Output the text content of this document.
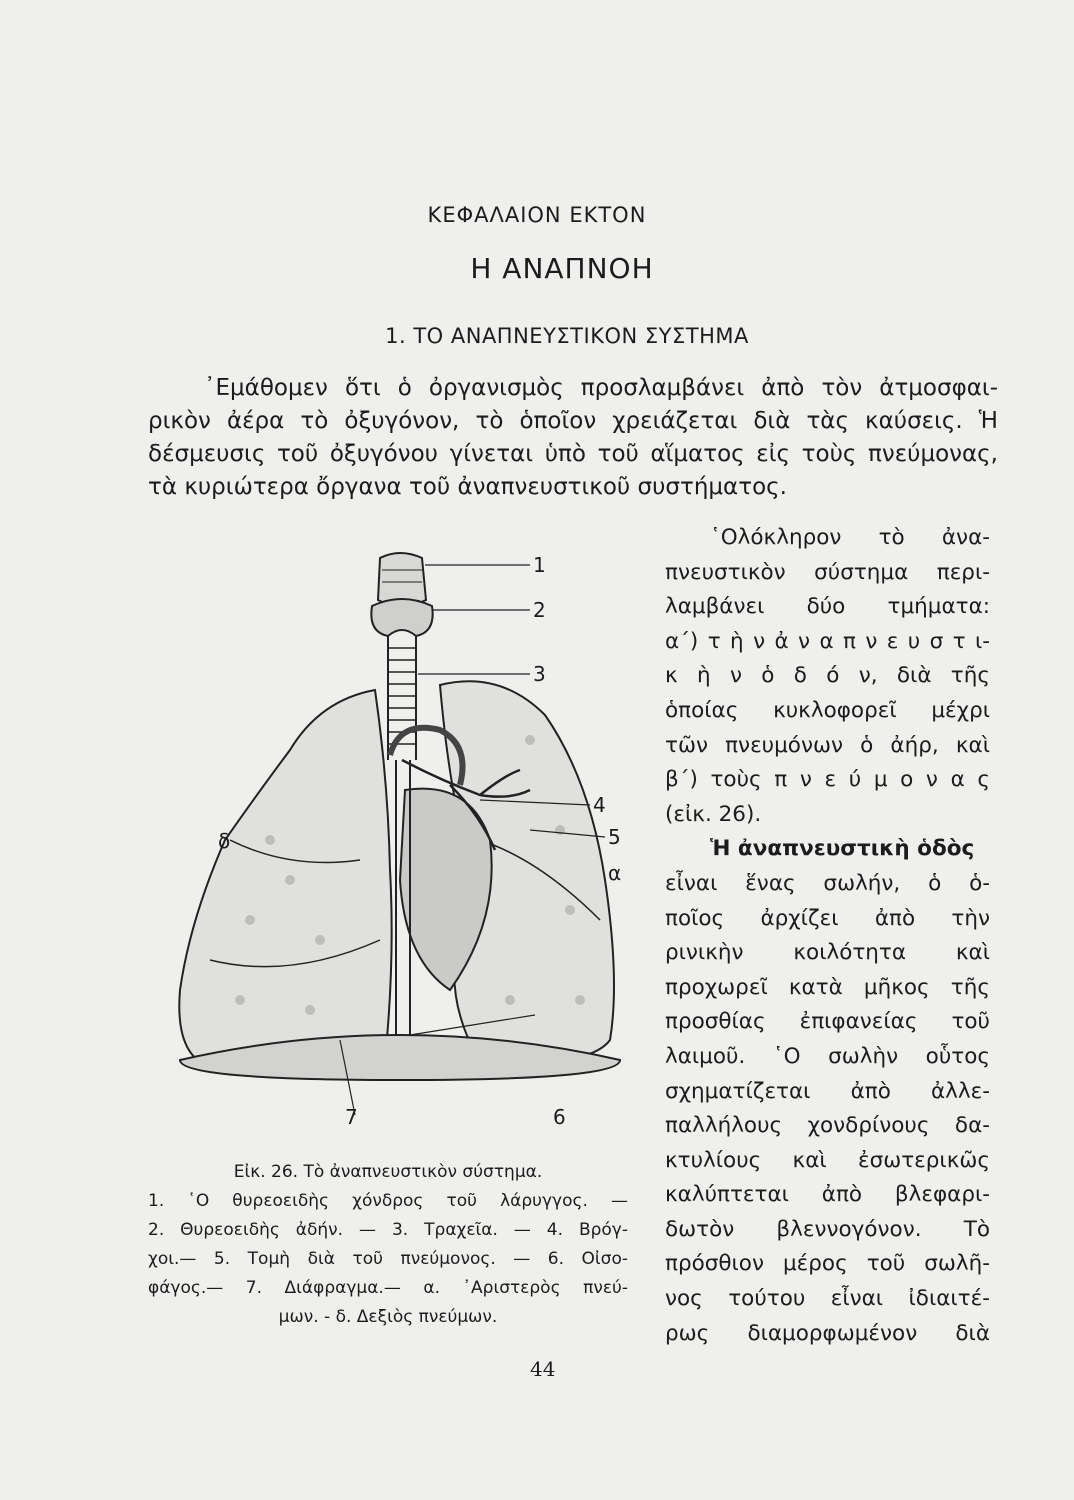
ΚΕΦΑΛΑΙΟΝ ΕΚΤΟΝ
Η ΑΝΑΠΝΟΗ
1. ΤΟ ΑΝΑΠΝΕΥΣΤΙΚΟΝ ΣΥΣΤΗΜΑ
᾿Εμάθομεν ὅτι ὁ ὀργανισμὸς προσλαμβάνει ἀπὸ τὸν ἀτμοσφαι-
ρικὸν ἀέρα τὸ ὀξυγόνον, τὸ ὁποῖον χρειάζεται διὰ τὰς καύσεις. Ἡ
δέσμευσις τοῦ ὀξυγόνου γίνεται ὑπὸ τοῦ αἵματος εἰς τοὺς πνεύμονας,
τὰ κυριώτερα ὄργανα τοῦ ἀναπνευστικοῦ συστήματος.
1
2
3
4
5
6
7
α
δ
῾Ολόκληρον τὸ ἀνα-
πνευστικὸν σύστημα περι-
λαμβάνει δύο τμήματα:
α΄) τ ὴ ν ἀ ν α π ν ε υ σ τ ι-
κ ὴ ν ὁ δ ό ν, διὰ τῆς
ὁποίας κυκλοφορεῖ μέχρι
τῶν πνευμόνων ὁ ἀήρ, καὶ
β΄) τοὺς π ν ε ύ μ ο ν α ς
(εἰκ. 26).
Ἡ ἀναπνευστικὴ ὁδὸς
εἶναι ἕνας σωλήν, ὁ ὁ-
ποῖος ἀρχίζει ἀπὸ τὴν
ρινικὴν κοιλότητα καὶ
προχωρεῖ κατὰ μῆκος τῆς
προσθίας ἐπιφανείας τοῦ
λαιμοῦ. ῾Ο σωλὴν οὗτος
σχηματίζεται ἀπὸ ἀλλε-
παλλήλους χονδρίνους δα-
κτυλίους καὶ ἐσωτερικῶς
καλύπτεται ἀπὸ βλεφαρι-
δωτὸν βλεννογόνον. Τὸ
πρόσθιον μέρος τοῦ σωλῆ-
νος τούτου εἶναι ἰδιαιτέ-
ρως διαμορφωμένον διὰ
Εἰκ. 26. Τὸ ἀναπνευστικὸν σύστημα.
1. ῾Ο θυρεοειδὴς χόνδρος τοῦ λάρυγγος. —
2. Θυρεοειδὴς ἀδήν. — 3. Τραχεῖα. — 4. Βρόγ-
χοι.— 5. Τομὴ διὰ τοῦ πνεύμονος. — 6. Οἰσο-
φάγος.— 7. Διάφραγμα.— α. ᾿Αριστερὸς πνεύ-
μων. - δ. Δεξιὸς πνεύμων.
44
